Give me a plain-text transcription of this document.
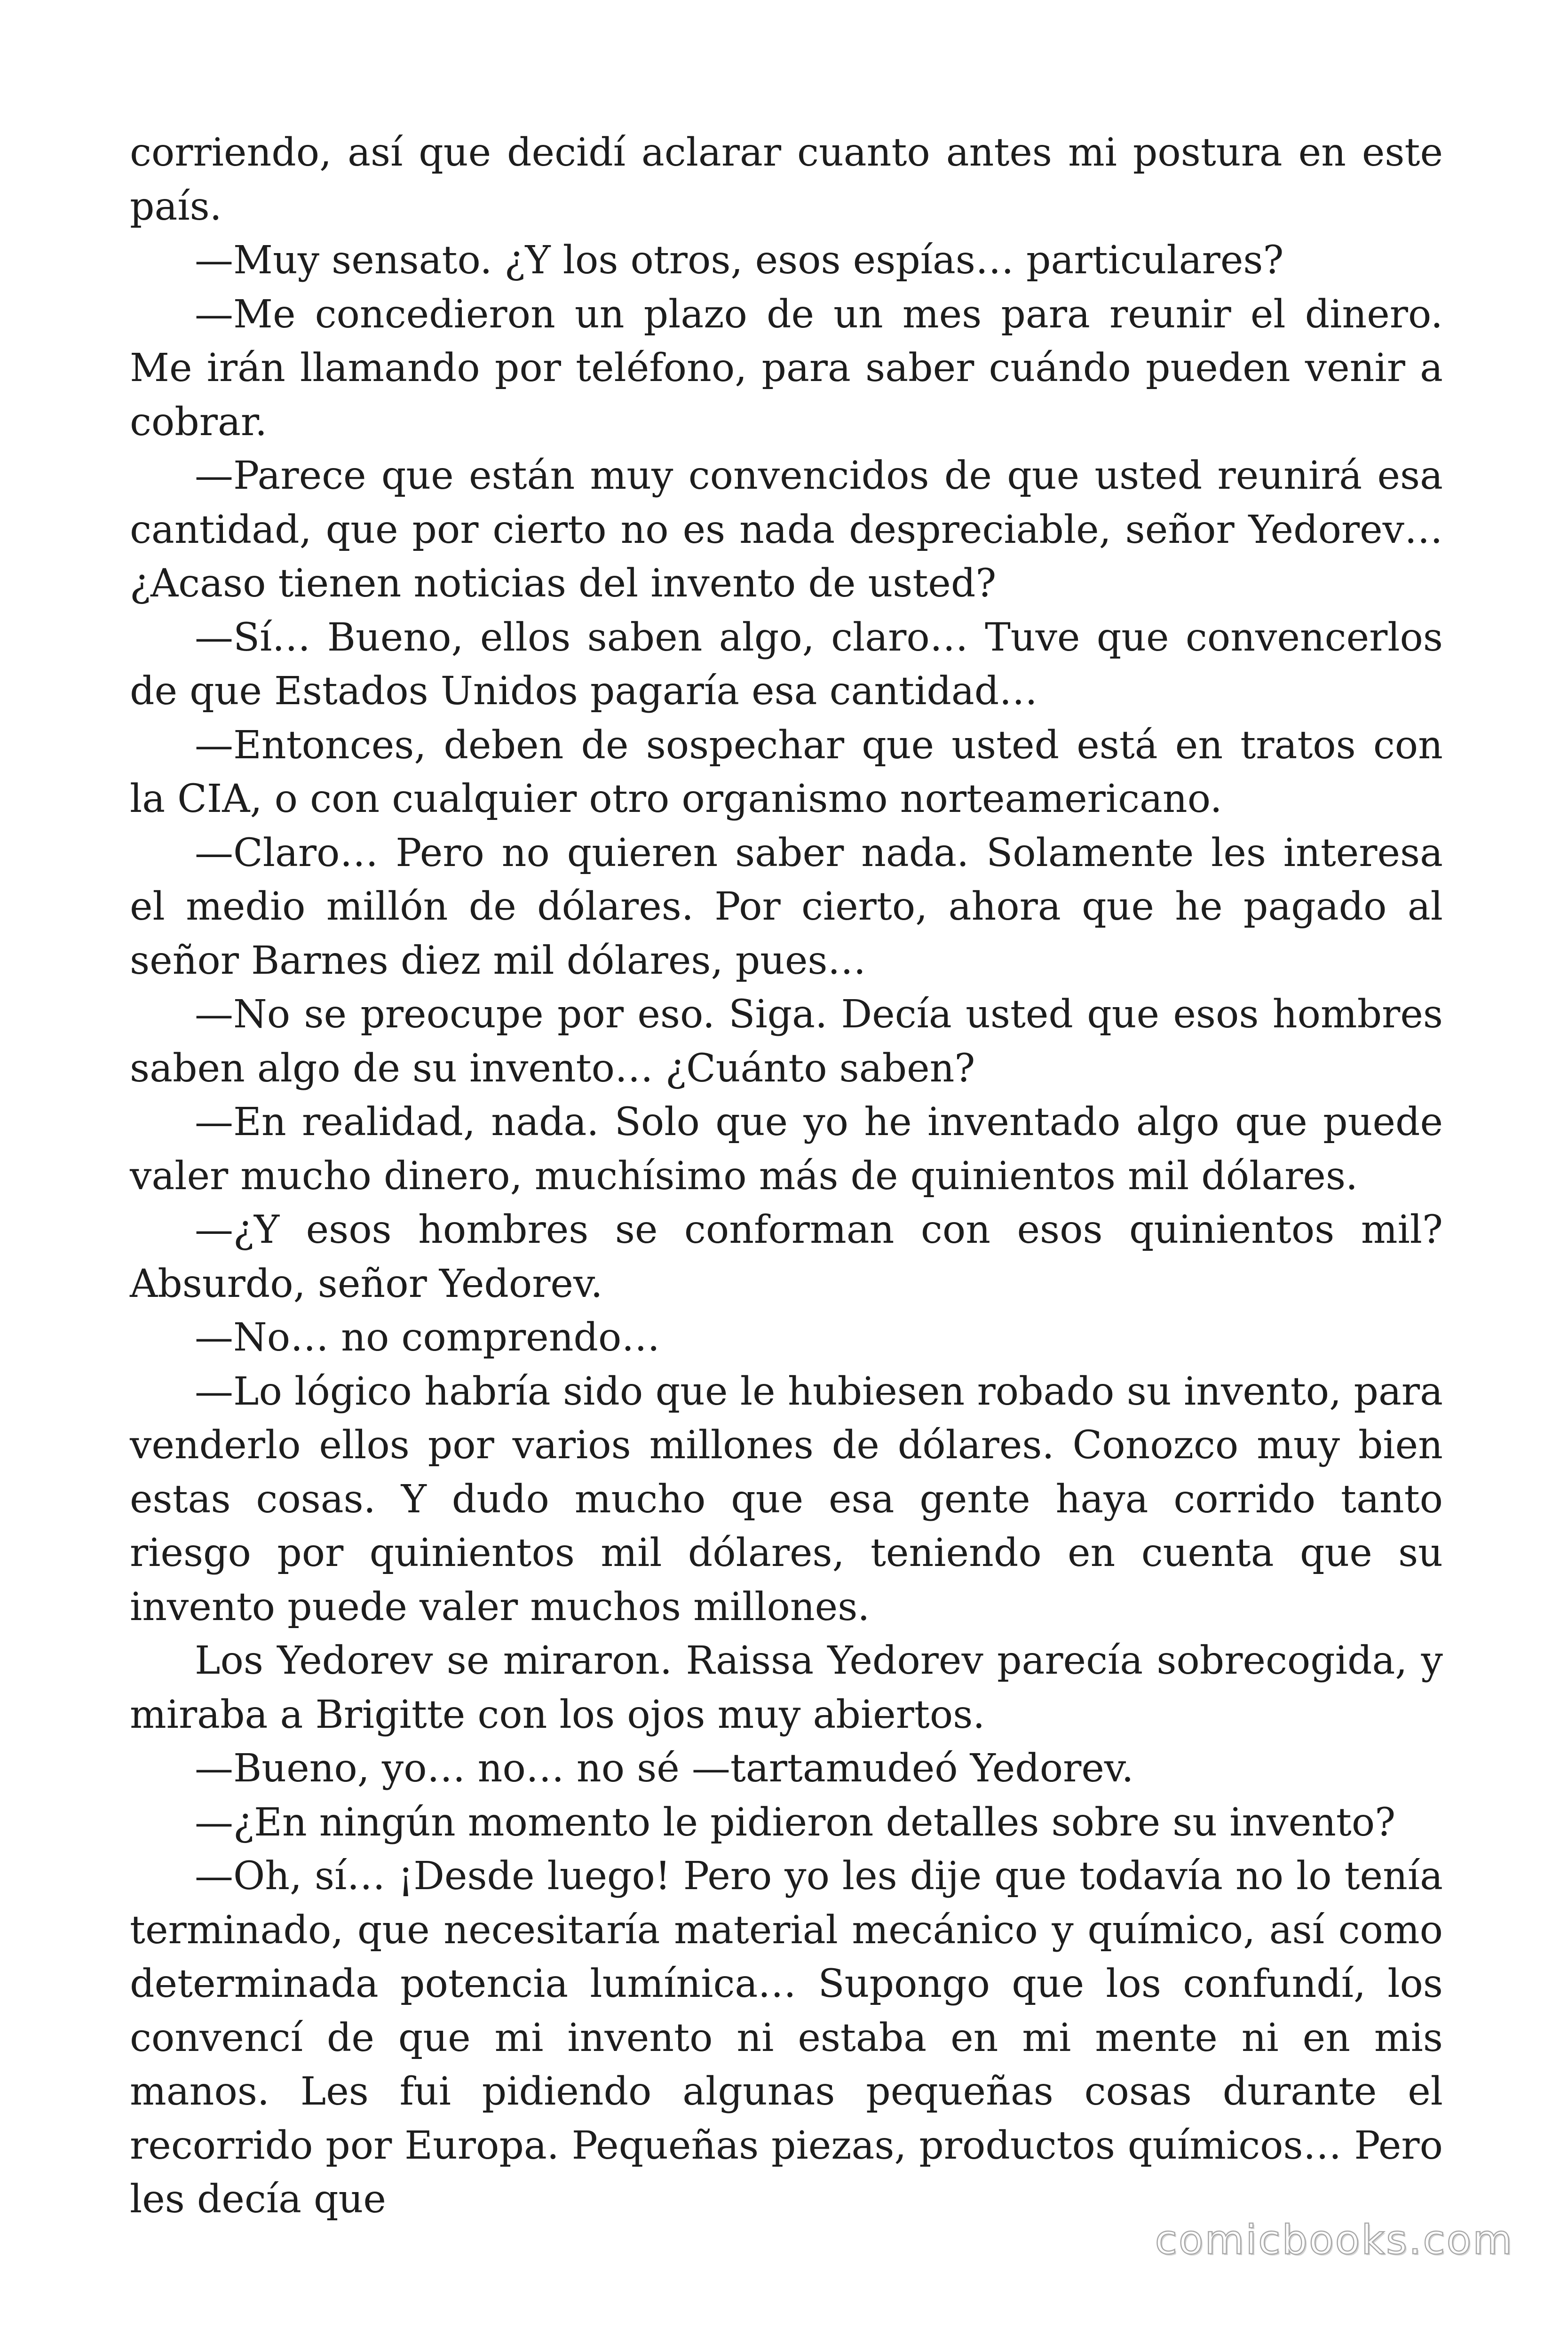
corriendo, así que decidí aclarar cuanto antes mi postura en este país.

—Muy sensato. ¿Y los otros, esos espías… particulares?

—Me concedieron un plazo de un mes para reunir el dinero. Me irán llamando por teléfono, para saber cuándo pueden venir a cobrar.

—Parece que están muy convencidos de que usted reunirá esa cantidad, que por cierto no es nada despreciable, señor Yedorev… ¿Acaso tienen noticias del invento de usted?

—Sí… Bueno, ellos saben algo, claro… Tuve que convencerlos de que Estados Unidos pagaría esa cantidad…

—Entonces, deben de sospechar que usted está en tratos con la CIA, o con cualquier otro organismo norteamericano.

—Claro… Pero no quieren saber nada. Solamente les interesa el medio millón de dólares. Por cierto, ahora que he pagado al señor Barnes diez mil dólares, pues…

—No se preocupe por eso. Siga. Decía usted que esos hombres saben algo de su invento… ¿Cuánto saben?

—En realidad, nada. Solo que yo he inventado algo que puede valer mucho dinero, muchísimo más de quinientos mil dólares.

—¿Y esos hombres se conforman con esos quinientos mil? Absurdo, señor Yedorev.

—No… no comprendo…

—Lo lógico habría sido que le hubiesen robado su invento, para venderlo ellos por varios millones de dólares. Conozco muy bien estas cosas. Y dudo mucho que esa gente haya corrido tanto riesgo por quinientos mil dólares, teniendo en cuenta que su invento puede valer muchos millones.

Los Yedorev se miraron. Raissa Yedorev parecía sobrecogida, y miraba a Brigitte con los ojos muy abiertos.

—Bueno, yo… no… no sé —tartamudeó Yedorev.

—¿En ningún momento le pidieron detalles sobre su invento?

—Oh, sí… ¡Desde luego! Pero yo les dije que todavía no lo tenía terminado, que necesitaría material mecánico y químico, así como determinada potencia lumínica… Supongo que los confundí, los convencí de que mi invento ni estaba en mi mente ni en mis manos. Les fui pidiendo algunas pequeñas cosas durante el recorrido por Europa. Pequeñas piezas, productos químicos… Pero les decía que

comicbooks.com
